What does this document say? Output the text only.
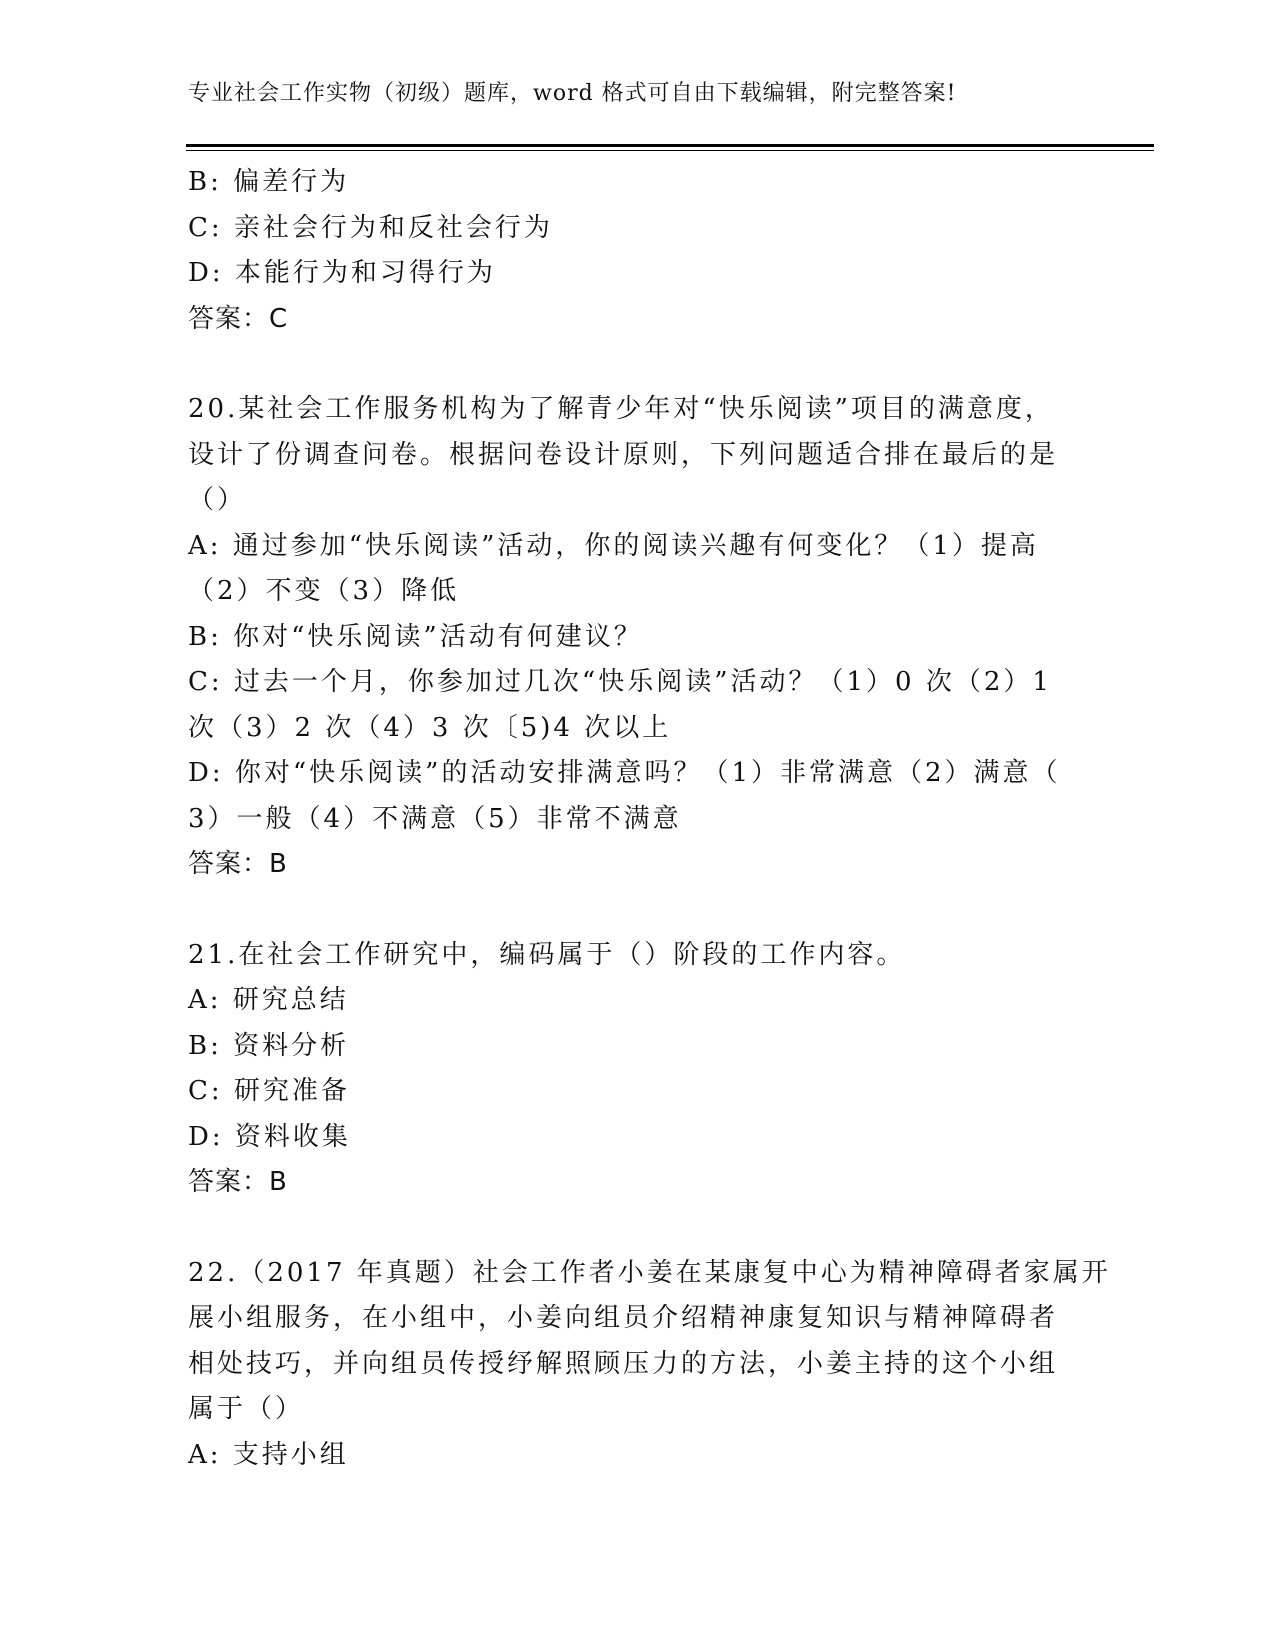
专业社会工作实物（初级）题库，word 格式可自由下载编辑，附完整答案!
B: 偏差行为
C: 亲社会行为和反社会行为
D: 本能行为和习得行为
答案：C
20.某社会工作服务机构为了解青少年对“快乐阅读”项目的满意度，
设计了份调查问卷。根据问卷设计原则，下列问题适合排在最后的是
（）
A: 通过参加“快乐阅读”活动，你的阅读兴趣有何变化？（1）提高
（2）不变（3）降低
B: 你对“快乐阅读”活动有何建议？
C: 过去一个月，你参加过几次“快乐阅读”活动？（1）0 次（2）1
次（3）2 次（4）3 次〔5)4 次以上
D: 你对“快乐阅读”的活动安排满意吗？（1）非常满意（2）满意（
3）一般（4）不满意（5）非常不满意
答案：B
21.在社会工作研究中，编码属于（）阶段的工作内容。
A: 研究总结
B: 资料分析
C: 研究准备
D: 资料收集
答案：B
22.（2017 年真题）社会工作者小姜在某康复中心为精神障碍者家属开
展小组服务，在小组中，小姜向组员介绍精神康复知识与精神障碍者
相处技巧，并向组员传授纾解照顾压力的方法，小姜主持的这个小组
属于（）
A: 支持小组
